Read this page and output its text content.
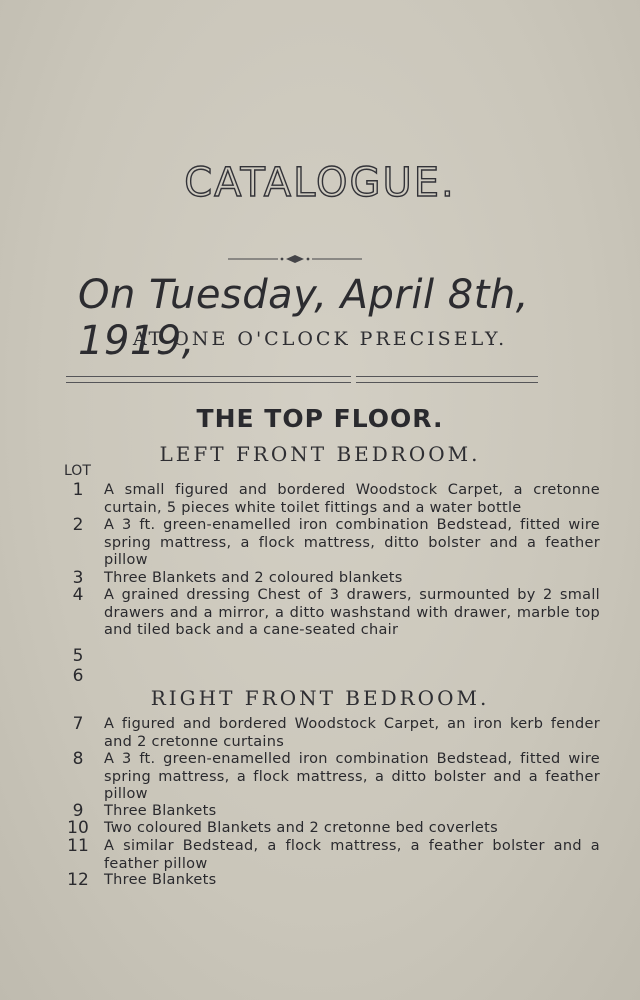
CATALOGUE.
On Tuesday, April 8th, 1919,
AT ONE O'CLOCK PRECISELY.
THE TOP FLOOR.
LEFT FRONT BEDROOM.
LOT
1	A small figured and bordered Woodstock Carpet, a cretonne curtain, 5 pieces white toilet fittings and a water bottle
2	A 3 ft. green-enamelled iron combination Bedstead, fitted wire spring mattress, a flock mattress, ditto bolster and a feather pillow
3	Three Blankets and 2 coloured blankets
4	A grained dressing Chest of 3 drawers, surmounted by 2 small drawers and a mirror, a ditto washstand with drawer, marble top and tiled back and a cane-seated chair
5
6
RIGHT FRONT BEDROOM.
7	A figured and bordered Woodstock Carpet, an iron kerb fender and 2 cretonne curtains
8	A 3 ft. green-enamelled iron combination Bedstead, fitted wire spring mattress, a flock mattress, a ditto bolster and a feather pillow
9	Three Blankets
10	Two coloured Blankets and 2 cretonne bed coverlets
11	A similar Bedstead, a flock mattress, a feather bolster and a feather pillow
12	Three Blankets
